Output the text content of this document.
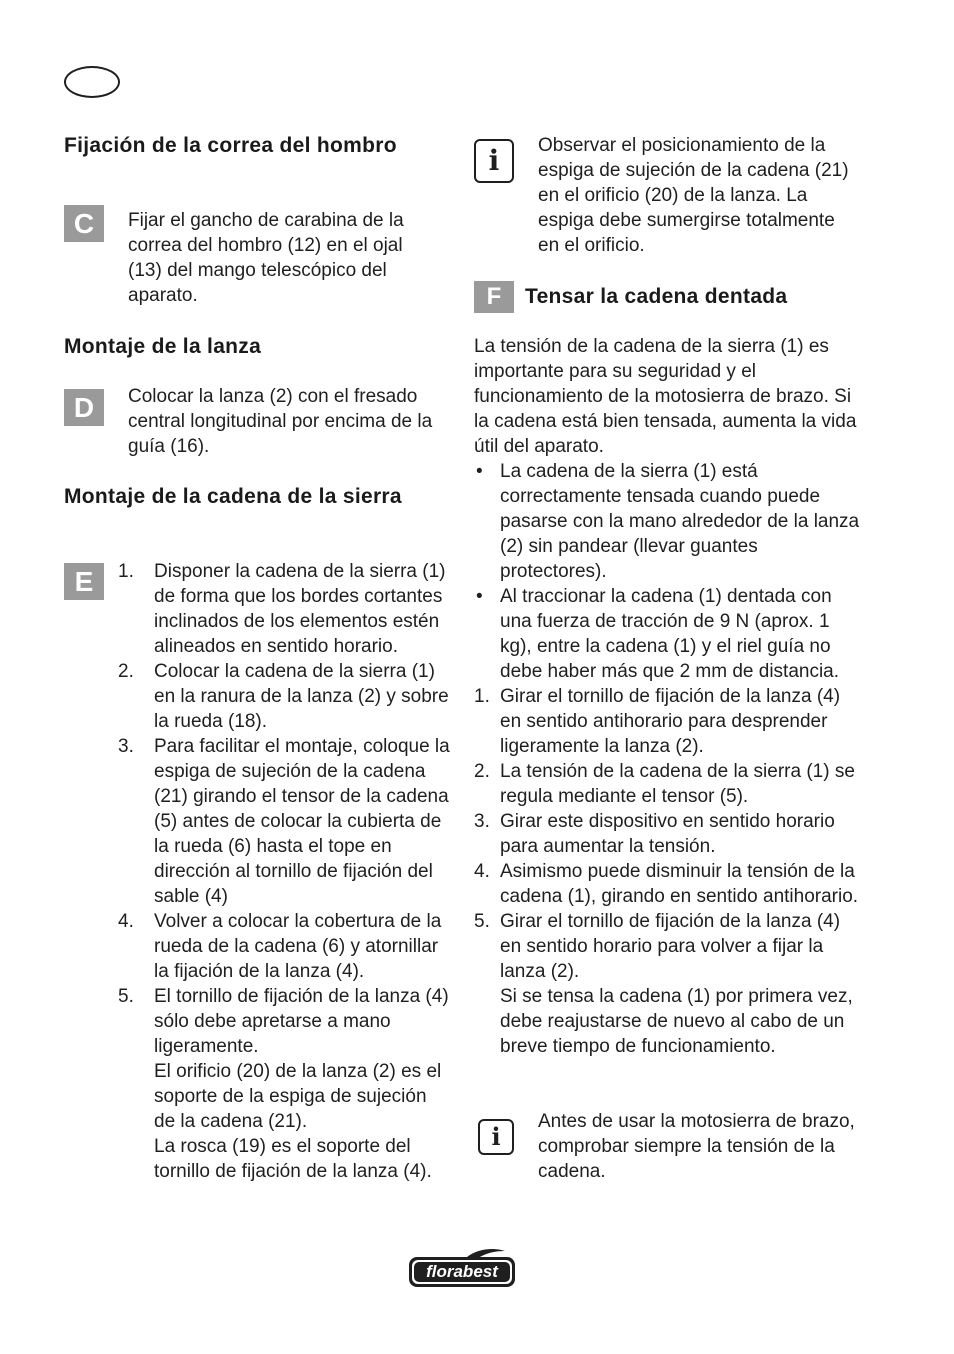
Fijación de la correa del hombro
C	Fijar el gancho de carabina de la correa del hombro (12) en el ojal (13) del mango telescópico del aparato.

Montaje de la lanza
D	Colocar la lanza (2) con el fresado central longitudinal por encima de la guía (16).

Montaje de la cadena de la sierra
E	1. Disponer la cadena de la sierra (1) de forma que los bordes cortantes inclinados de los elementos estén alineados en sentido horario.
2. Colocar la cadena de la sierra (1) en la ranura de la lanza (2) y sobre la rueda (18).
3. Para facilitar el montaje, coloque la espiga de sujeción de la cadena (21) girando el tensor de la cadena (5) antes de colocar la cubierta de la rueda (6) hasta el tope en dirección al tornillo de fijación del sable (4)
4. Volver a colocar la cobertura de la rueda de la cadena (6) y atornillar la fijación de la lanza (4).
5. El tornillo de fijación de la lanza (4) sólo debe apretarse a mano ligeramente.
El orificio (20) de la lanza (2) es el soporte de la espiga de sujeción de la cadena (21).
La rosca (19) es el soporte del tornillo de fijación de la lanza (4).
i	Observar el posicionamiento de la espiga de sujeción de la cadena (21) en el orificio (20) de la lanza. La espiga debe sumergirse totalmente en el orificio.

F	Tensar la cadena dentada

La tensión de la cadena de la sierra (1) es importante para su seguridad y el funcionamiento de la motosierra de brazo. Si la cadena está bien tensada, aumenta la vida útil del aparato.

• La cadena de la sierra (1) está correctamente tensada cuando puede pasarse con la mano alrededor de la lanza (2) sin pandear (llevar guantes protectores).
• Al traccionar la cadena (1) dentada con una fuerza de tracción de 9 N (aprox. 1 kg), entre la cadena (1) y el riel guía no debe haber más que 2 mm de distancia.
1. Girar el tornillo de fijación de la lanza (4) en sentido antihorario para desprender ligeramente la lanza (2).
2. La tensión de la cadena de la sierra (1) se regula mediante el tensor (5).
3. Girar este dispositivo en sentido horario para aumentar la tensión.
4. Asimismo puede disminuir la tensión de la cadena (1), girando en sentido antihorario.
5. Girar el tornillo de fijación de la lanza (4) en sentido horario para volver a fijar la lanza (2).
Si se tensa la cadena (1) por primera vez, debe reajustarse de nuevo al cabo de un breve tiempo de funcionamiento.
i

Antes de usar la motosierra de brazo, comprobar siempre la tensión de la cadena.

florabest
